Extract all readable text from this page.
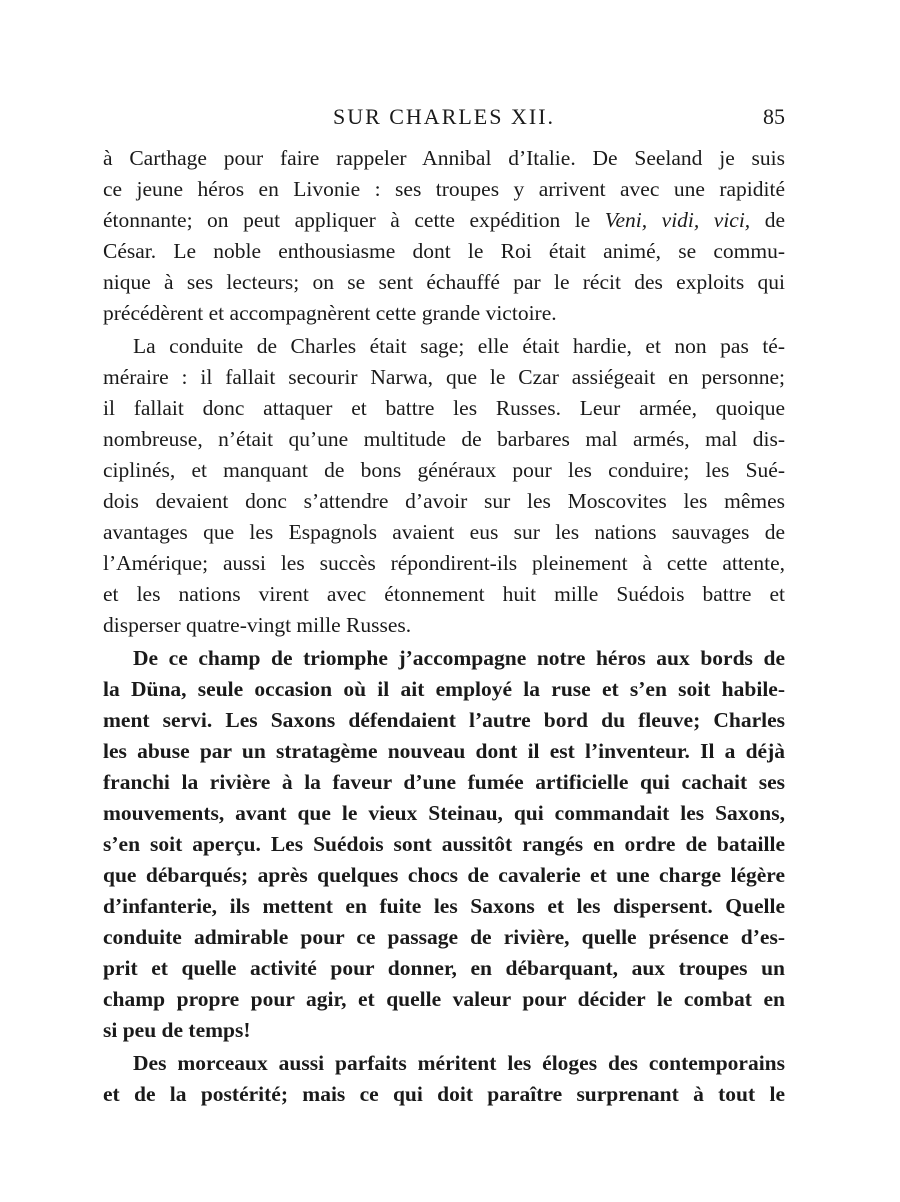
SUR CHARLES XII.	85
à Carthage pour faire rappeler Annibal d’Italie. De Seeland je suis
ce jeune héros en Livonie : ses troupes y arrivent avec une rapidité
étonnante; on peut appliquer à cette expédition le Veni, vidi, vici, de
César. Le noble enthousiasme dont le Roi était animé, se commu-
nique à ses lecteurs; on se sent échauffé par le récit des exploits qui
précédèrent et accompagnèrent cette grande victoire.
La conduite de Charles était sage; elle était hardie, et non pas té-
méraire : il fallait secourir Narwa, que le Czar assiégeait en personne;
il fallait donc attaquer et battre les Russes. Leur armée, quoique
nombreuse, n’était qu’une multitude de barbares mal armés, mal dis-
ciplinés, et manquant de bons généraux pour les conduire; les Sué-
dois devaient donc s’attendre d’avoir sur les Moscovites les mêmes
avantages que les Espagnols avaient eus sur les nations sauvages de
l’Amérique; aussi les succès répondirent-ils pleinement à cette attente,
et les nations virent avec étonnement huit mille Suédois battre et
disperser quatre-vingt mille Russes.
De ce champ de triomphe j’accompagne notre héros aux bords de
la Düna, seule occasion où il ait employé la ruse et s’en soit habile-
ment servi. Les Saxons défendaient l’autre bord du fleuve; Charles
les abuse par un stratagème nouveau dont il est l’inventeur. Il a déjà
franchi la rivière à la faveur d’une fumée artificielle qui cachait ses
mouvements, avant que le vieux Steinau, qui commandait les Saxons,
s’en soit aperçu. Les Suédois sont aussitôt rangés en ordre de bataille
que débarqués; après quelques chocs de cavalerie et une charge légère
d’infanterie, ils mettent en fuite les Saxons et les dispersent. Quelle
conduite admirable pour ce passage de rivière, quelle présence d’es-
prit et quelle activité pour donner, en débarquant, aux troupes un
champ propre pour agir, et quelle valeur pour décider le combat en
si peu de temps!
Des morceaux aussi parfaits méritent les éloges des contemporains
et de la postérité; mais ce qui doit paraître surprenant à tout le
